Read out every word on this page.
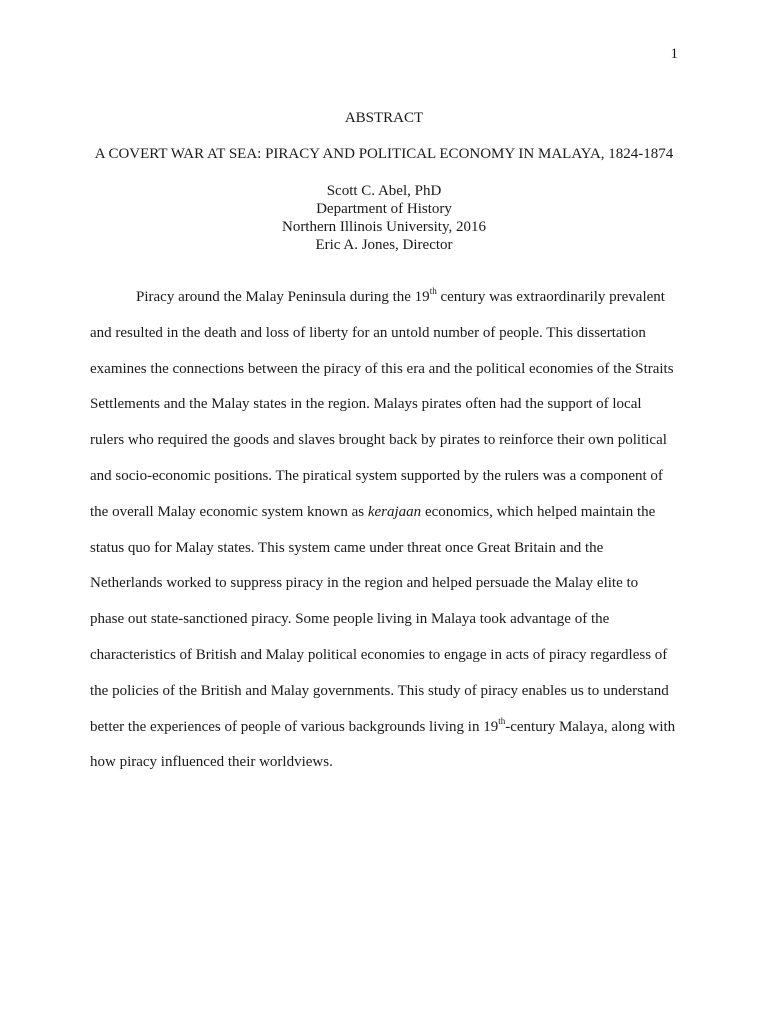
1
ABSTRACT
A COVERT WAR AT SEA: PIRACY AND POLITICAL ECONOMY IN MALAYA, 1824-1874
Scott C. Abel, PhD
Department of History
Northern Illinois University, 2016
Eric A. Jones, Director
Piracy around the Malay Peninsula during the 19th century was extraordinarily prevalent
and resulted in the death and loss of liberty for an untold number of people. This dissertation
examines the connections between the piracy of this era and the political economies of the Straits
Settlements and the Malay states in the region. Malays pirates often had the support of local
rulers who required the goods and slaves brought back by pirates to reinforce their own political
and socio-economic positions. The piratical system supported by the rulers was a component of
the overall Malay economic system known as kerajaan economics, which helped maintain the
status quo for Malay states. This system came under threat once Great Britain and the
Netherlands worked to suppress piracy in the region and helped persuade the Malay elite to
phase out state-sanctioned piracy. Some people living in Malaya took advantage of the
characteristics of British and Malay political economies to engage in acts of piracy regardless of
the policies of the British and Malay governments. This study of piracy enables us to understand
better the experiences of people of various backgrounds living in 19th-century Malaya, along with
how piracy influenced their worldviews.
